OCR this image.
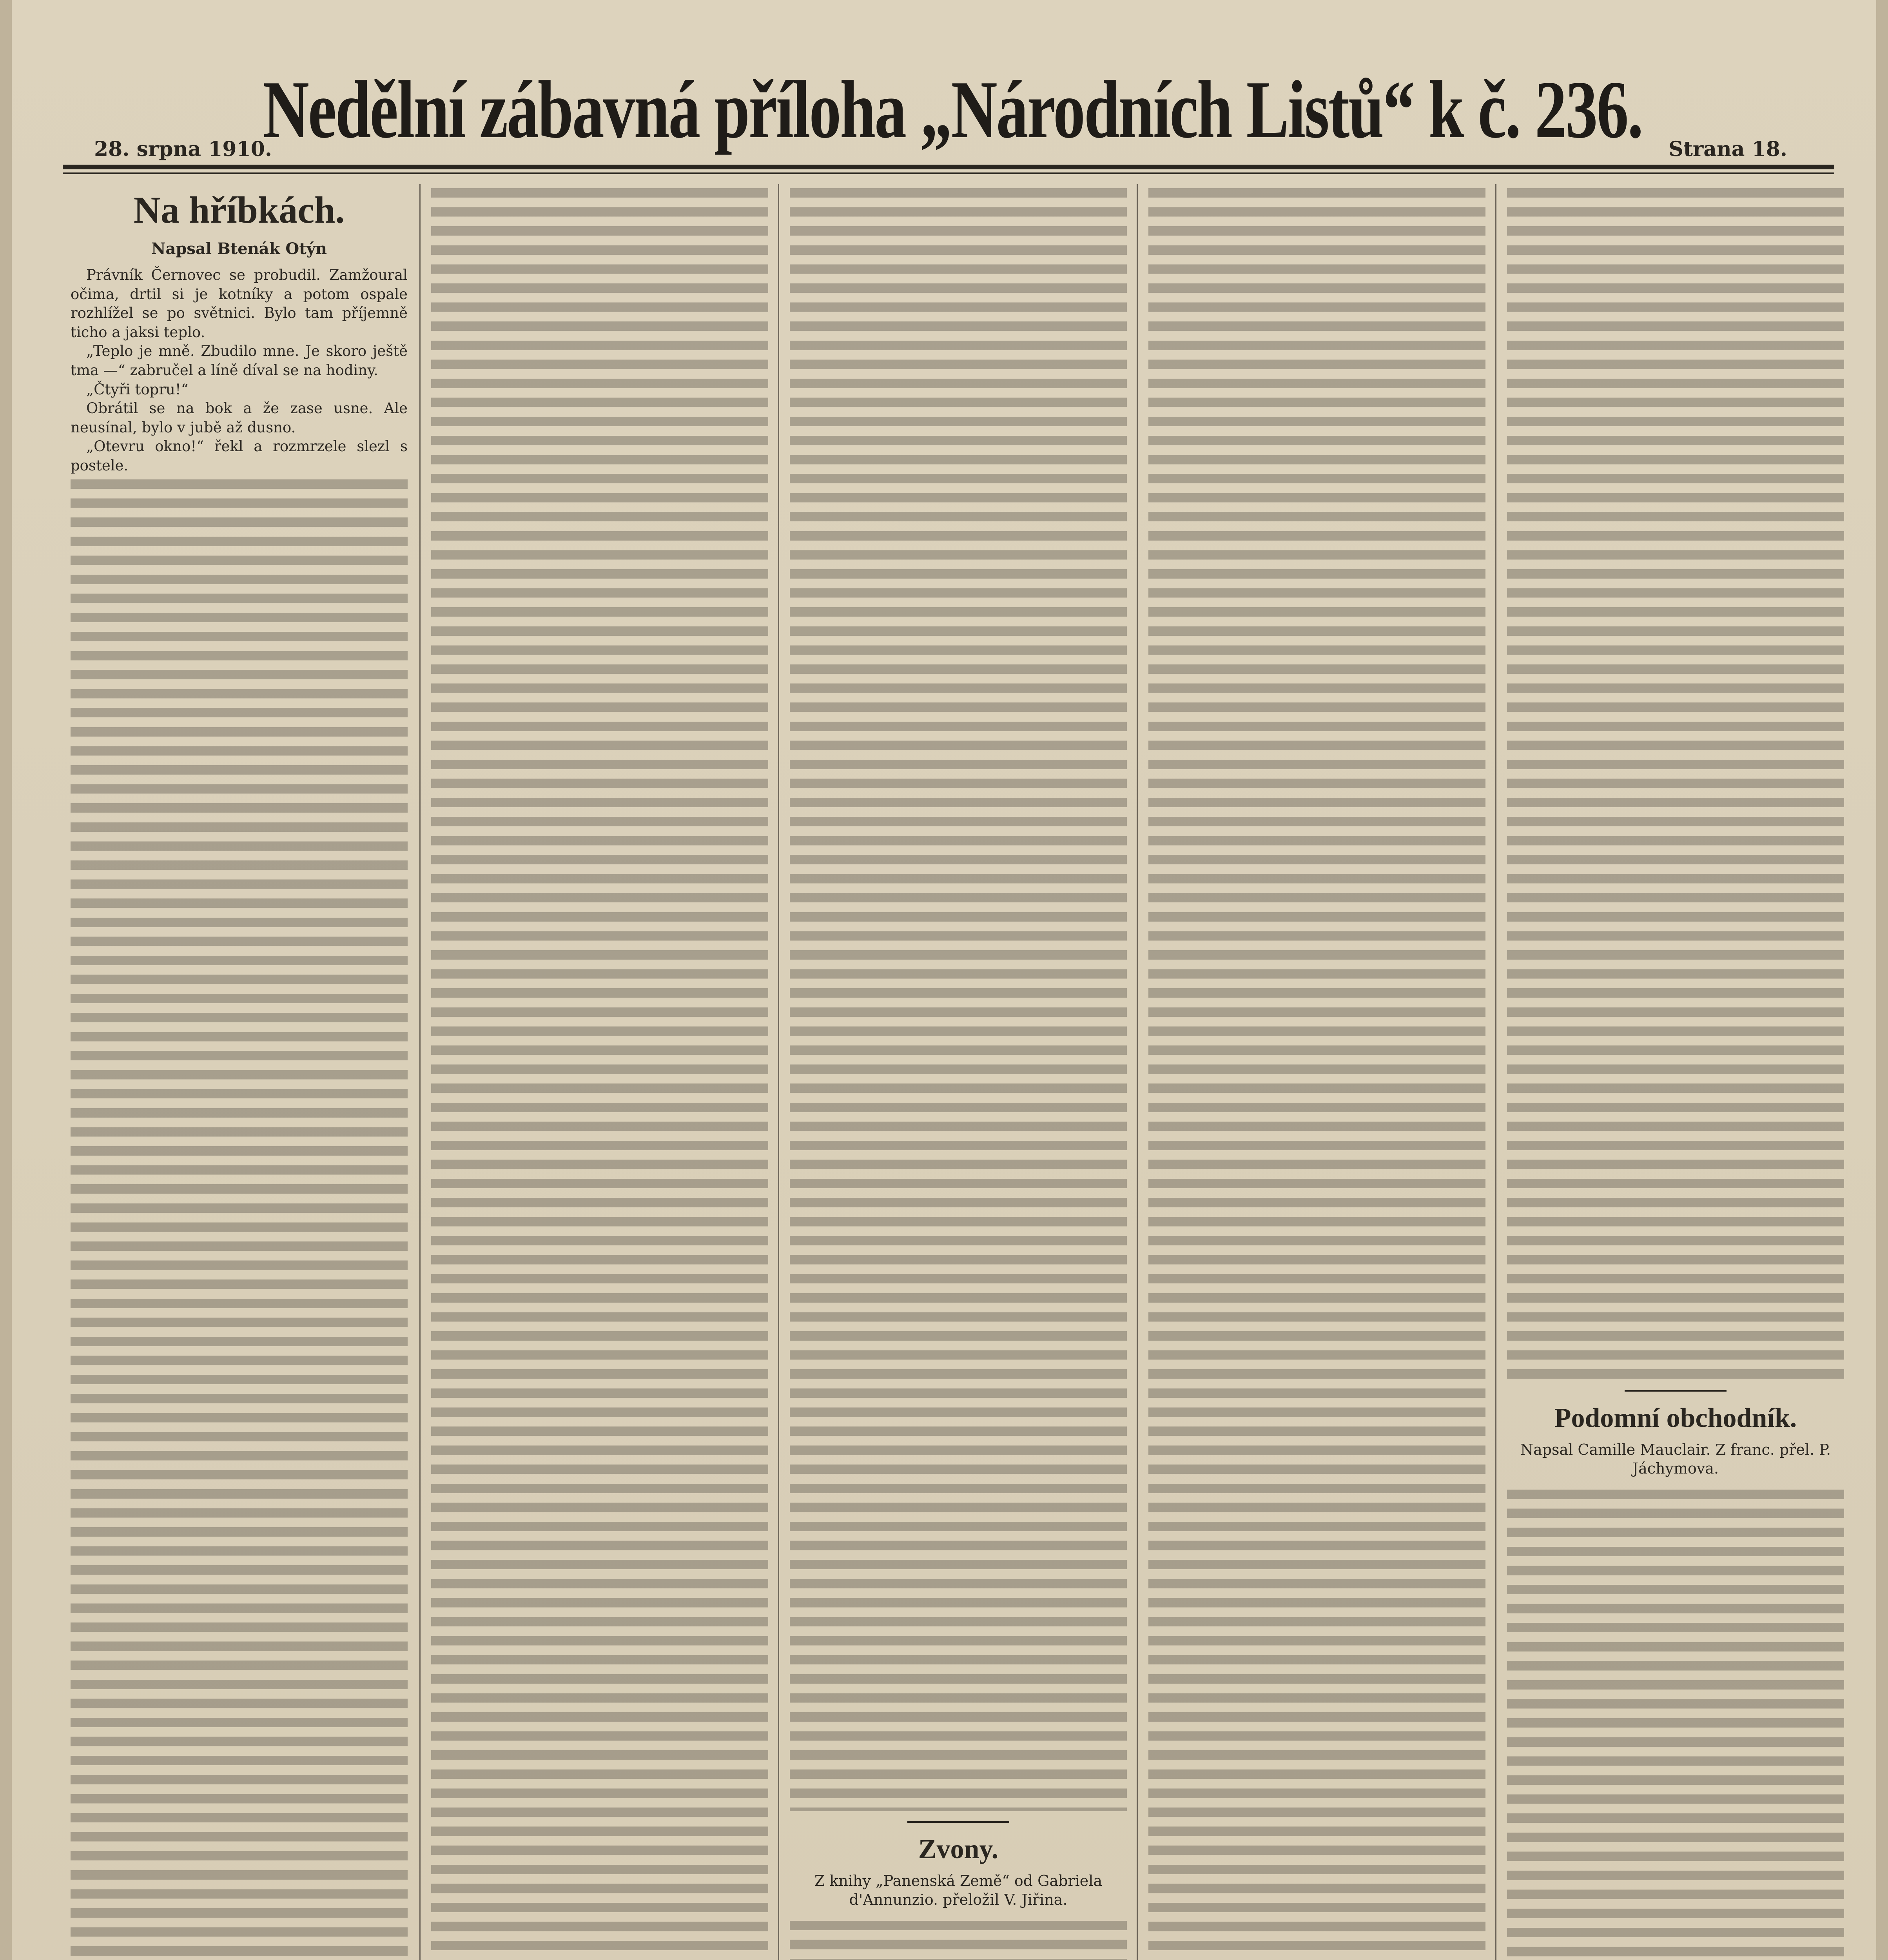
Nedělní zábavná příloha „Národních Listů“ k č. 236.
28. srpna 1910.	Strana 18.
Na hříbkách.
Napsal Btenák Otýn

Právník Černovec se probudil. Zamžoural očima, drtil si je kotníky a potom ospale rozhlížel se po světnici. Bylo tam příjemně ticho a jaksi teplo.

„Teplo je mně. Zbudilo mne. Je skoro ještě tma —“ zabručel a líně díval se na hodiny.

„Čtyři topru!“

Obrátil se na bok a že zase usne. Ale neusínal, bylo v jubě až dusno.

„Otevru okno!“ řekl a rozmrzele slezl s postele.

Zvony.
Z knihy „Panenská Země“ od Gabriela d'Annunzio. přeložil V. Jiřina.
Podomní obchodník.
Napsal Camille Mauclair. Z franc. přel. P. Jáchymova.
